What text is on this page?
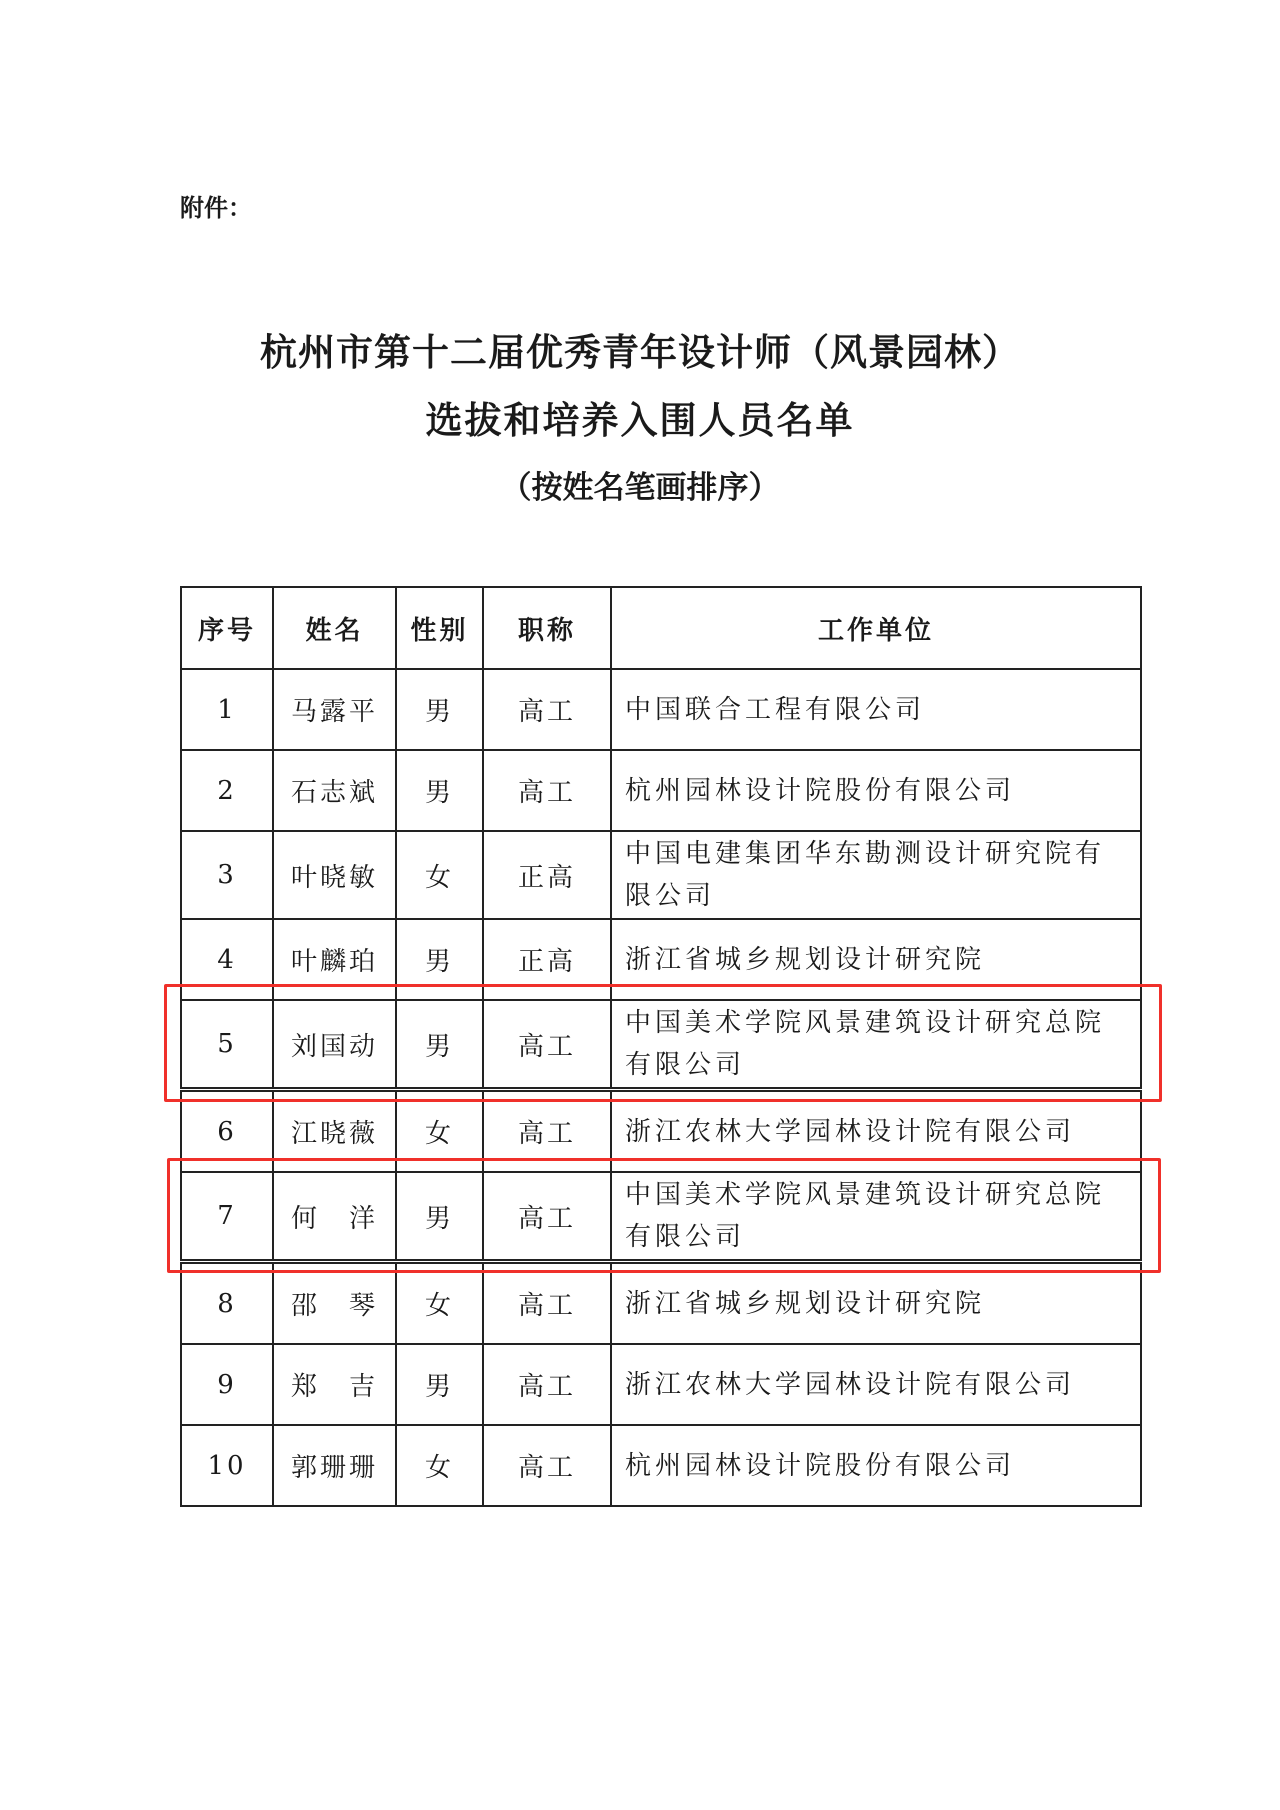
附件：
杭州市第十二届优秀青年设计师（风景园林）
选拔和培养入围人员名单
（按姓名笔画排序）
序号	姓名	性别	职称	工作单位
1	马露平	男	高工	中国联合工程有限公司
2	石志斌	男	高工	杭州园林设计院股份有限公司
3	叶晓敏	女	正高	中国电建集团华东勘测设计研究院有限公司
4	叶麟珀	男	正高	浙江省城乡规划设计研究院
5	刘国动	男	高工	中国美术学院风景建筑设计研究总院有限公司
6	江晓薇	女	高工	浙江农林大学园林设计院有限公司
7	何　洋	男	高工	中国美术学院风景建筑设计研究总院有限公司
8	邵　琴	女	高工	浙江省城乡规划设计研究院
9	郑　吉	男	高工	浙江农林大学园林设计院有限公司
10	郭珊珊	女	高工	杭州园林设计院股份有限公司
